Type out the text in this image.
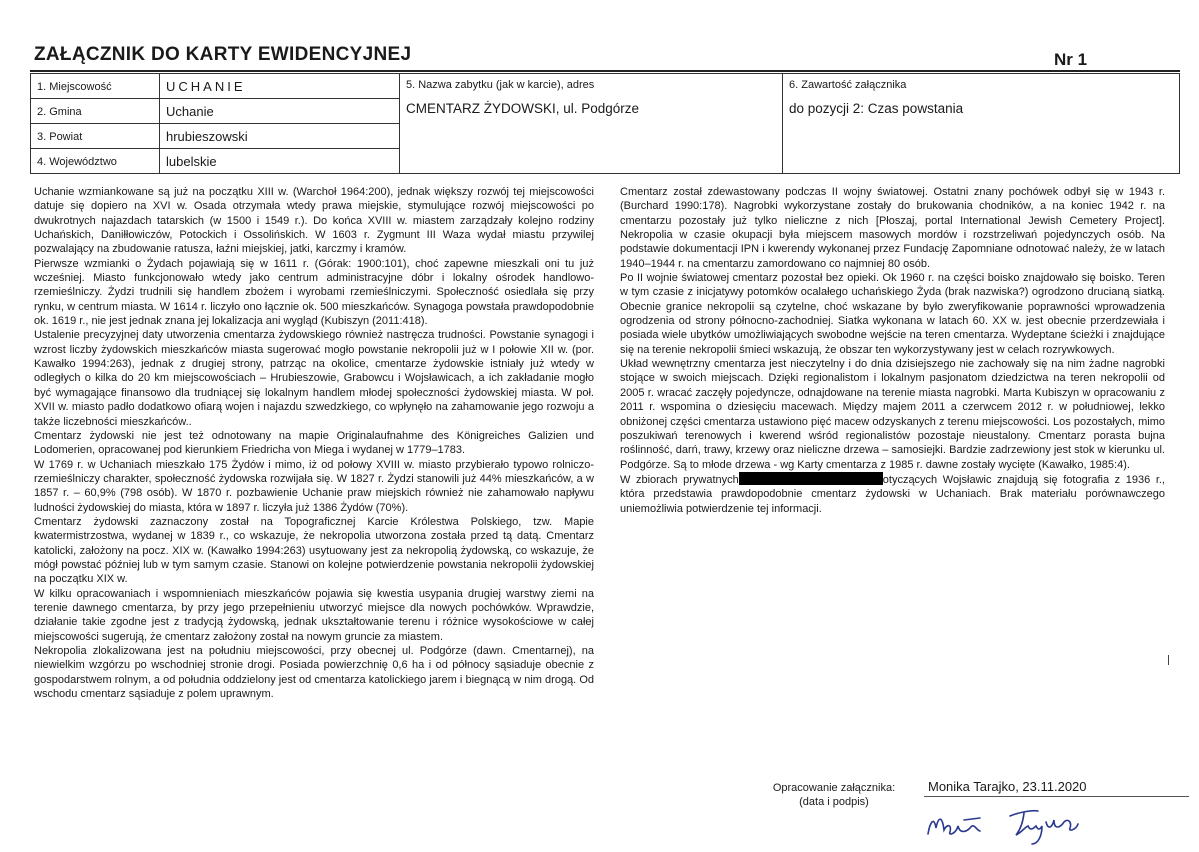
ZAŁĄCZNIK DO KARTY EWIDENCYJNEJ	Nr 1
1. Miejscowość	UCHANIE	5. Nazwa zabytku (jak w karcie), adres
CMENTARZ ŻYDOWSKI, ul. Podgórze	6. Zawartość załącznika
do pozycji 2: Czas powstania

2. Gmina	Uchanie		
3. Powiat	hrubieszowski		
4. Województwo	lubelskie		

Uchanie wzmiankowane są już na początku XIII w. (Warchoł 1964:200), jednak większy rozwój tej miejscowości datuje się dopiero na XVI w. Osada otrzymała wtedy prawa miejskie, stymulujące rozwój miejscowości po dwukrotnych najazdach tatarskich (w 1500 i 1549 r.). Do końca XVIII w. miastem zarządzały kolejno rodziny Uchańskich, Daniłłowiczów, Potockich i Ossolińskich. W 1603 r. Zygmunt III Waza wydał miastu przywilej pozwalający na zbudowanie ratusza, łaźni miejskiej, jatki, karczmy i kramów.

Pierwsze wzmianki o Żydach pojawiają się w 1611 r. (Górak: 1900:101), choć zapewne mieszkali oni tu już wcześniej. Miasto funkcjonowało wtedy jako centrum administracyjne dóbr i lokalny ośrodek handlowo-rzemieślniczy. Żydzi trudnili się handlem zbożem i wyrobami rzemieślniczymi. Społeczność osiedlała się przy rynku, w centrum miasta. W 1614 r. liczyło ono łącznie ok. 500 mieszkańców. Synagoga powstała prawdopodobnie ok. 1619 r., nie jest jednak znana jej lokalizacja ani wygląd (Kubiszyn (2011:418).

Ustalenie precyzyjnej daty utworzenia cmentarza żydowskiego również nastręcza trudności. Powstanie synagogi i wzrost liczby żydowskich mieszkańców miasta sugerować mogło powstanie nekropolii już w I połowie XII w. (por. Kawałko 1994:263), jednak z drugiej strony, patrząc na okolice, cmentarze żydowskie istniały już wtedy w odległych o kilka do 20 km miejscowościach – Hrubieszowie, Grabowcu i Wojsławicach, a ich zakładanie mogło być wymagające finansowo dla trudniącej się lokalnym handlem młodej społeczności żydowskiej miasta. W poł. XVII w. miasto padło dodatkowo ofiarą wojen i najazdu szwedzkiego, co wpłynęło na zahamowanie jego rozwoju a także liczebności mieszkańców..

Cmentarz żydowski nie jest też odnotowany na mapie Originalaufnahme des Königreiches Galizien und Lodomerien, opracowanej pod kierunkiem Friedricha von Miega i wydanej w 1779–1783.

W 1769 r. w Uchaniach mieszkało 175 Żydów i mimo, iż od połowy XVIII w. miasto przybierało typowo rolniczo-rzemieślniczy charakter, społeczność żydowska rozwijała się. W 1827 r. Żydzi stanowili już 44% mieszkańców, a w 1857 r. – 60,9% (798 osób). W 1870 r. pozbawienie Uchanie praw miejskich również nie zahamowało napływu ludności żydowskiej do miasta, która w 1897 r. liczyła już 1386 Żydów (70%).

Cmentarz żydowski zaznaczony został na Topograficznej Karcie Królestwa Polskiego, tzw. Mapie kwatermistrzostwa, wydanej w 1839 r., co wskazuje, że nekropolia utworzona została przed tą datą. Cmentarz katolicki, założony na pocz. XIX w. (Kawałko 1994:263) usytuowany jest za nekropolią żydowską, co wskazuje, że mógł powstać później lub w tym samym czasie. Stanowi on kolejne potwierdzenie powstania nekropolii żydowskiej na początku XIX w.

W kilku opracowaniach i wspomnieniach mieszkańców pojawia się kwestia usypania drugiej warstwy ziemi na terenie dawnego cmentarza, by przy jego przepełnieniu utworzyć miejsce dla nowych pochówków. Wprawdzie, działanie takie zgodne jest z tradycją żydowską, jednak ukształtowanie terenu i różnice wysokościowe w całej miejscowości sugerują, że cmentarz założony został na nowym gruncie za miastem.

Nekropolia zlokalizowana jest na południu miejscowości, przy obecnej ul. Podgórze (dawn. Cmentarnej), na niewielkim wzgórzu po wschodniej stronie drogi. Posiada powierzchnię 0,6 ha i od północy sąsiaduje obecnie z gospodarstwem rolnym, a od południa oddzielony jest od cmentarza katolickiego jarem i biegnącą w nim drogą. Od wschodu cmentarz sąsiaduje z polem uprawnym.

Cmentarz został zdewastowany podczas II wojny światowej. Ostatni znany pochówek odbył się w 1943 r. (Burchard 1990:178). Nagrobki wykorzystane zostały do brukowania chodników, a na koniec 1942 r. na cmentarzu pozostały już tylko nieliczne z nich [Płoszaj, portal International Jewish Cemetery Project]. Nekropolia w czasie okupacji była miejscem masowych mordów i rozstrzeliwań pojedynczych osób. Na podstawie dokumentacji IPN i kwerendy wykonanej przez Fundację Zapomniane odnotować należy, że w latach 1940–1944 r. na cmentarzu zamordowano co najmniej 80 osób.

Po II wojnie światowej cmentarz pozostał bez opieki. Ok 1960 r. na części boisko znajdowało się boisko. Teren w tym czasie z inicjatywy potomków ocalałego uchańskiego Żyda (brak nazwiska?) ogrodzono drucianą siatką. Obecnie granice nekropolii są czytelne, choć wskazane by było zweryfikowanie poprawności wprowadzenia ogrodzenia od strony północno-zachodniej. Siatka wykonana w latach 60. XX w. jest obecnie przerdzewiała i posiada wiele ubytków umożliwiających swobodne wejście na teren cmentarza. Wydeptane ścieżki i znajdujące się na terenie nekropolii śmieci wskazują, że obszar ten wykorzystywany jest w celach rozrywkowych.

Układ wewnętrzny cmentarza jest nieczytelny i do dnia dzisiejszego nie zachowały się na nim żadne nagrobki stojące w swoich miejscach. Dzięki regionalistom i lokalnym pasjonatom dziedzictwa na teren nekropolii od 2005 r. wracać zaczęły pojedyncze, odnajdowane na terenie miasta nagrobki. Marta Kubiszyn w opracowaniu z 2011 r. wspomina o dziesięciu macewach. Między majem 2011 a czerwcem 2012 r. w południowej, lekko obniżonej części cmentarza ustawiono pięć macew odzyskanych z terenu miejscowości. Los pozostałych, mimo poszukiwań terenowych i kwerend wśród regionalistów pozostaje nieustalony. Cmentarz porasta bujna roślinność, darń, trawy, krzewy oraz nieliczne drzewa – samosiejki. Bardzie zadrzewiony jest stok w kierunku ul. Podgórze. Są to młode drzewa - wg Karty cmentarza z 1985 r. dawne zostały wycięte (Kawałko, 1985:4).

W zbiorach prywatnych	otyczących Wojsławic znajdują się fotografia z 1936 r., która przedstawia prawdopodobnie cmentarz żydowski w Uchaniach. Brak materiału porównawczego uniemożliwia potwierdzenie tej informacji.

Opracowanie załącznika:
(data i podpis)
Monika Tarajko, 23.11.2020
